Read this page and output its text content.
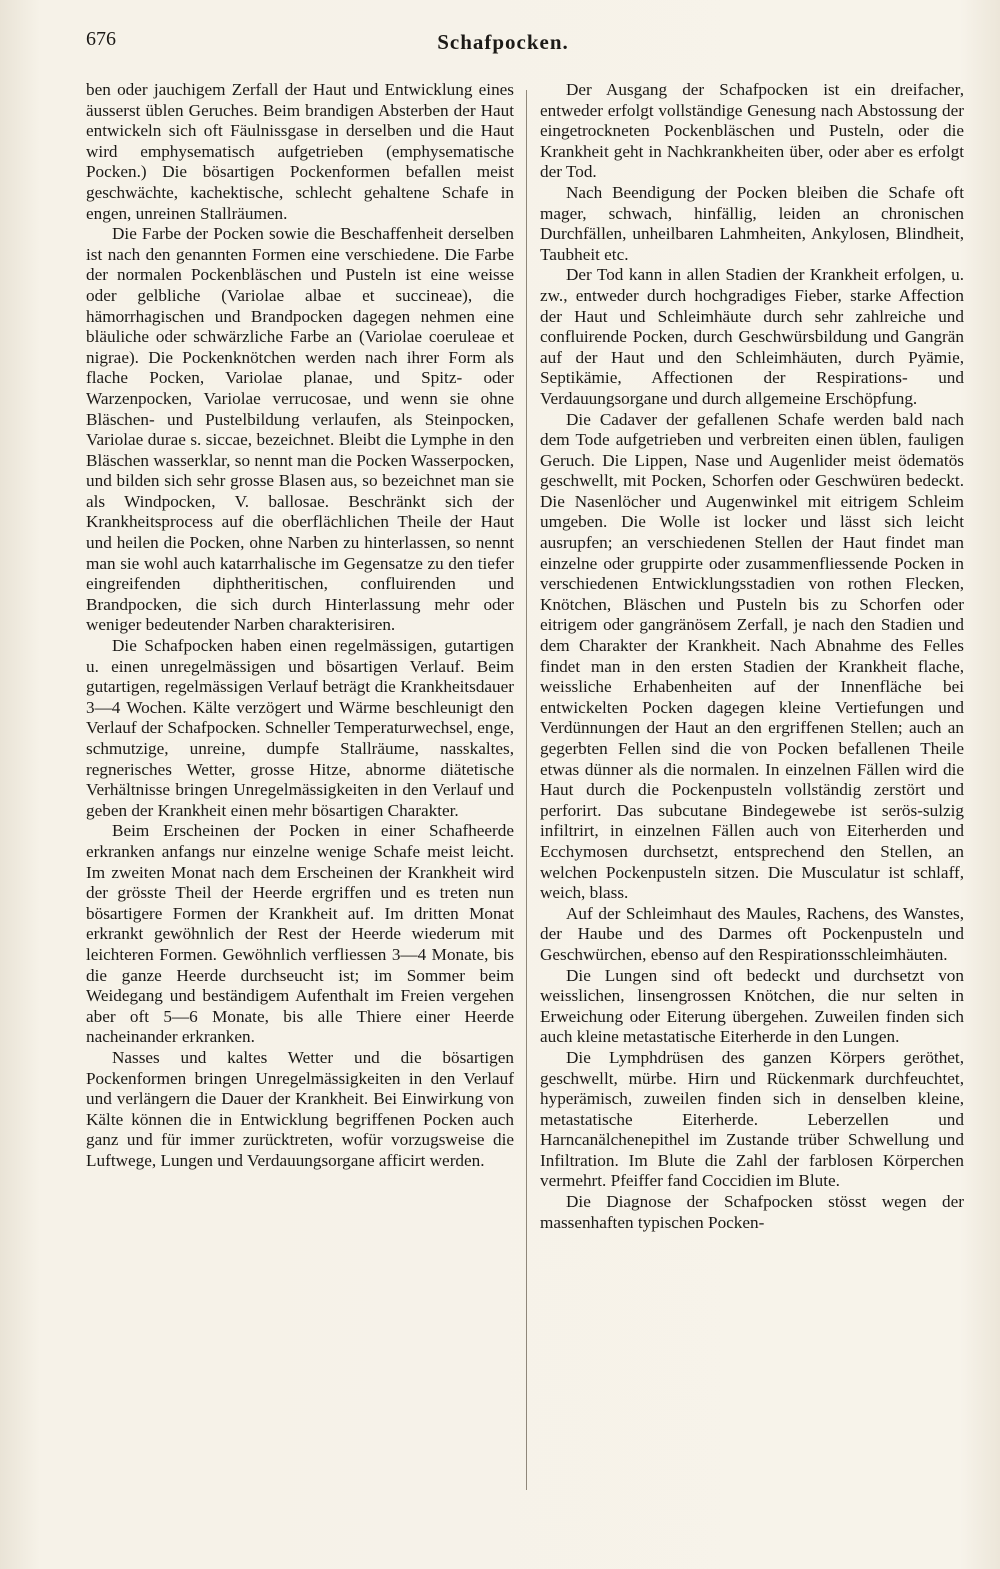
676	Schafpocken.

ben oder jauchigem Zerfall der Haut und Entwicklung eines äusserst üblen Geruches. Beim brandigen Absterben der Haut entwickeln sich oft Fäulnissgase in derselben und die Haut wird emphysematisch aufgetrieben (emphysematische Pocken.) Die bösartigen Pockenformen befallen meist geschwächte, kachektische, schlecht gehaltene Schafe in engen, unreinen Stallräumen.

Die Farbe der Pocken sowie die Beschaffenheit derselben ist nach den genannten Formen eine verschiedene. Die Farbe der normalen Pockenbläschen und Pusteln ist eine weisse oder gelbliche (Variolae albae et succineae), die hämorrhagischen und Brandpocken dagegen nehmen eine bläuliche oder schwärzliche Farbe an (Variolae coeruleae et nigrae). Die Pockenknötchen werden nach ihrer Form als flache Pocken, Variolae planae, und Spitz- oder Warzenpocken, Variolae verrucosae, und wenn sie ohne Bläschen- und Pustelbildung verlaufen, als Steinpocken, Variolae durae s. siccae, bezeichnet. Bleibt die Lymphe in den Bläschen wasserklar, so nennt man die Pocken Wasserpocken, und bilden sich sehr grosse Blasen aus, so bezeichnet man sie als Windpocken, V. ballosae. Beschränkt sich der Krankheitsprocess auf die oberflächlichen Theile der Haut und heilen die Pocken, ohne Narben zu hinterlassen, so nennt man sie wohl auch katarrhalische im Gegensatze zu den tiefer eingreifenden diphtheritischen, confluirenden und Brandpocken, die sich durch Hinterlassung mehr oder weniger bedeutender Narben charakterisiren.

Die Schafpocken haben einen regelmässigen, gutartigen u. einen unregelmässigen und bösartigen Verlauf. Beim gutartigen, regelmässigen Verlauf beträgt die Krankheitsdauer 3—4 Wochen. Kälte verzögert und Wärme beschleunigt den Verlauf der Schafpocken. Schneller Temperaturwechsel, enge, schmutzige, unreine, dumpfe Stallräume, nasskaltes, regnerisches Wetter, grosse Hitze, abnorme diätetische Verhältnisse bringen Unregelmässigkeiten in den Verlauf und geben der Krankheit einen mehr bösartigen Charakter.

Beim Erscheinen der Pocken in einer Schafheerde erkranken anfangs nur einzelne wenige Schafe meist leicht. Im zweiten Monat nach dem Erscheinen der Krankheit wird der grösste Theil der Heerde ergriffen und es treten nun bösartigere Formen der Krankheit auf. Im dritten Monat erkrankt gewöhnlich der Rest der Heerde wiederum mit leichteren Formen. Gewöhnlich verfliessen 3—4 Monate, bis die ganze Heerde durchseucht ist; im Sommer beim Weidegang und beständigem Aufenthalt im Freien vergehen aber oft 5—6 Monate, bis alle Thiere einer Heerde nacheinander erkranken.

Nasses und kaltes Wetter und die bösartigen Pockenformen bringen Unregelmässigkeiten in den Verlauf und verlängern die Dauer der Krankheit. Bei Einwirkung von Kälte können die in Entwicklung begriffenen Pocken auch ganz und für immer zurücktreten, wofür vorzugsweise die Luftwege, Lungen und Verdauungsorgane afficirt werden.

Der Ausgang der Schafpocken ist ein dreifacher, entweder erfolgt vollständige Genesung nach Abstossung der eingetrockneten Pockenbläschen und Pusteln, oder die Krankheit geht in Nachkrankheiten über, oder aber es erfolgt der Tod.

Nach Beendigung der Pocken bleiben die Schafe oft mager, schwach, hinfällig, leiden an chronischen Durchfällen, unheilbaren Lahmheiten, Ankylosen, Blindheit, Taubheit etc.

Der Tod kann in allen Stadien der Krankheit erfolgen, u. zw., entweder durch hochgradiges Fieber, starke Affection der Haut und Schleimhäute durch sehr zahlreiche und confluirende Pocken, durch Geschwürsbildung und Gangrän auf der Haut und den Schleimhäuten, durch Pyämie, Septikämie, Affectionen der Respirations- und Verdauungsorgane und durch allgemeine Erschöpfung.

Die Cadaver der gefallenen Schafe werden bald nach dem Tode aufgetrieben und verbreiten einen üblen, fauligen Geruch. Die Lippen, Nase und Augenlider meist ödematös geschwellt, mit Pocken, Schorfen oder Geschwüren bedeckt. Die Nasenlöcher und Augenwinkel mit eitrigem Schleim umgeben. Die Wolle ist locker und lässt sich leicht ausrupfen; an verschiedenen Stellen der Haut findet man einzelne oder gruppirte oder zusammenfliessende Pocken in verschiedenen Entwicklungsstadien von rothen Flecken, Knötchen, Bläschen und Pusteln bis zu Schorfen oder eitrigem oder gangränösem Zerfall, je nach den Stadien und dem Charakter der Krankheit. Nach Abnahme des Felles findet man in den ersten Stadien der Krankheit flache, weissliche Erhabenheiten auf der Innenfläche bei entwickelten Pocken dagegen kleine Vertiefungen und Verdünnungen der Haut an den ergriffenen Stellen; auch an gegerbten Fellen sind die von Pocken befallenen Theile etwas dünner als die normalen. In einzelnen Fällen wird die Haut durch die Pockenpusteln vollständig zerstört und perforirt. Das subcutane Bindegewebe ist serös-sulzig infiltrirt, in einzelnen Fällen auch von Eiterherden und Ecchymosen durchsetzt, entsprechend den Stellen, an welchen Pockenpusteln sitzen. Die Musculatur ist schlaff, weich, blass.

Auf der Schleimhaut des Maules, Rachens, des Wanstes, der Haube und des Darmes oft Pockenpusteln und Geschwürchen, ebenso auf den Respirationsschleimhäuten.

Die Lungen sind oft bedeckt und durchsetzt von weisslichen, linsengrossen Knötchen, die nur selten in Erweichung oder Eiterung übergehen. Zuweilen finden sich auch kleine metastatische Eiterherde in den Lungen.

Die Lymphdrüsen des ganzen Körpers geröthet, geschwellt, mürbe. Hirn und Rückenmark durchfeuchtet, hyperämisch, zuweilen finden sich in denselben kleine, metastatische Eiterherde. Leberzellen und Harncanälchenepithel im Zustande trüber Schwellung und Infiltration. Im Blute die Zahl der farblosen Körperchen vermehrt. Pfeiffer fand Coccidien im Blute.

Die Diagnose der Schafpocken stösst wegen der massenhaften typischen Pocken-
